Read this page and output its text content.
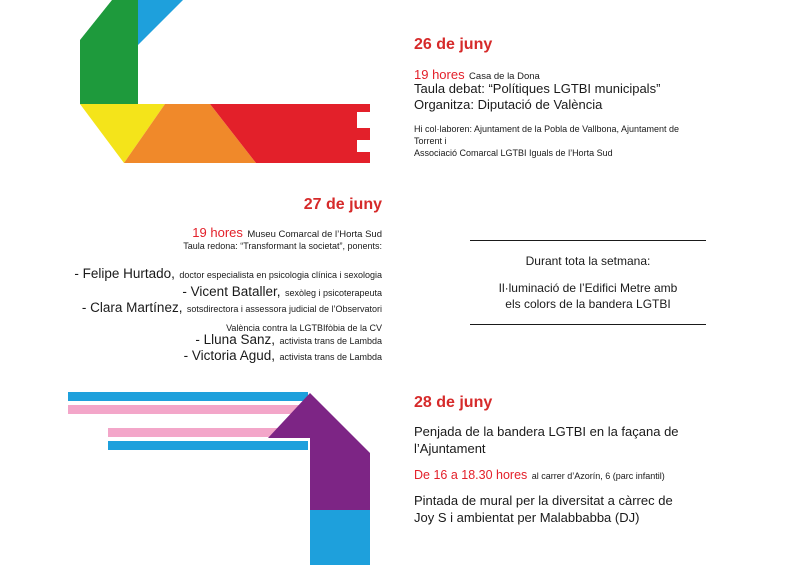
26 de juny
19 hores Casa de la Dona
Taula debat: “Polítiques LGTBI municipals”
Organitza: Diputació de València
Hi col·laboren: Ajuntament de la Pobla de Vallbona, Ajuntament de
Torrent i
Associació Comarcal LGTBI Iguals de l’Horta Sud
27 de juny
19 hores Museu Comarcal de l’Horta Sud
Taula redona: “Transformant la societat”, ponents:
- Felipe Hurtado, doctor especialista en psicologia clínica i sexologia
- Vicent Bataller, sexòleg i psicoterapeuta
- Clara Martínez, sotsdirectora i assessora judicial de l’Observatori
València contra la LGTBIfòbia de la CV
- Lluna Sanz, activista trans de Lambda
- Victoria Agud, activista trans de Lambda
Durant tota la setmana:
Il·luminació de l’Edifici Metre amb
els colors de la bandera LGTBI
28 de juny
Penjada de la bandera LGTBI en la façana de
l’Ajuntament
De 16 a 18.30 hores al carrer d’Azorín, 6 (parc infantil)
Pintada de mural per la diversitat a càrrec de
Joy S i ambientat per Malabbabba (DJ)
